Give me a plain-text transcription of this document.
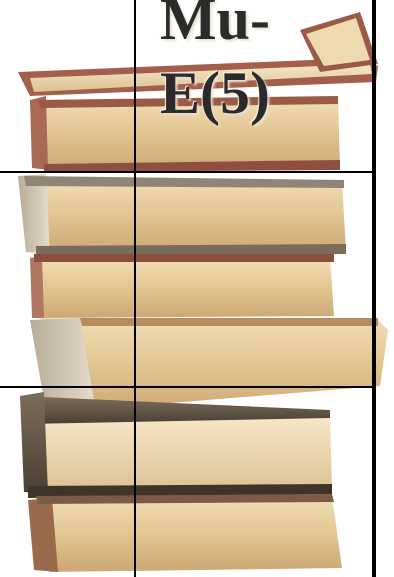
Mu-
E(5)
